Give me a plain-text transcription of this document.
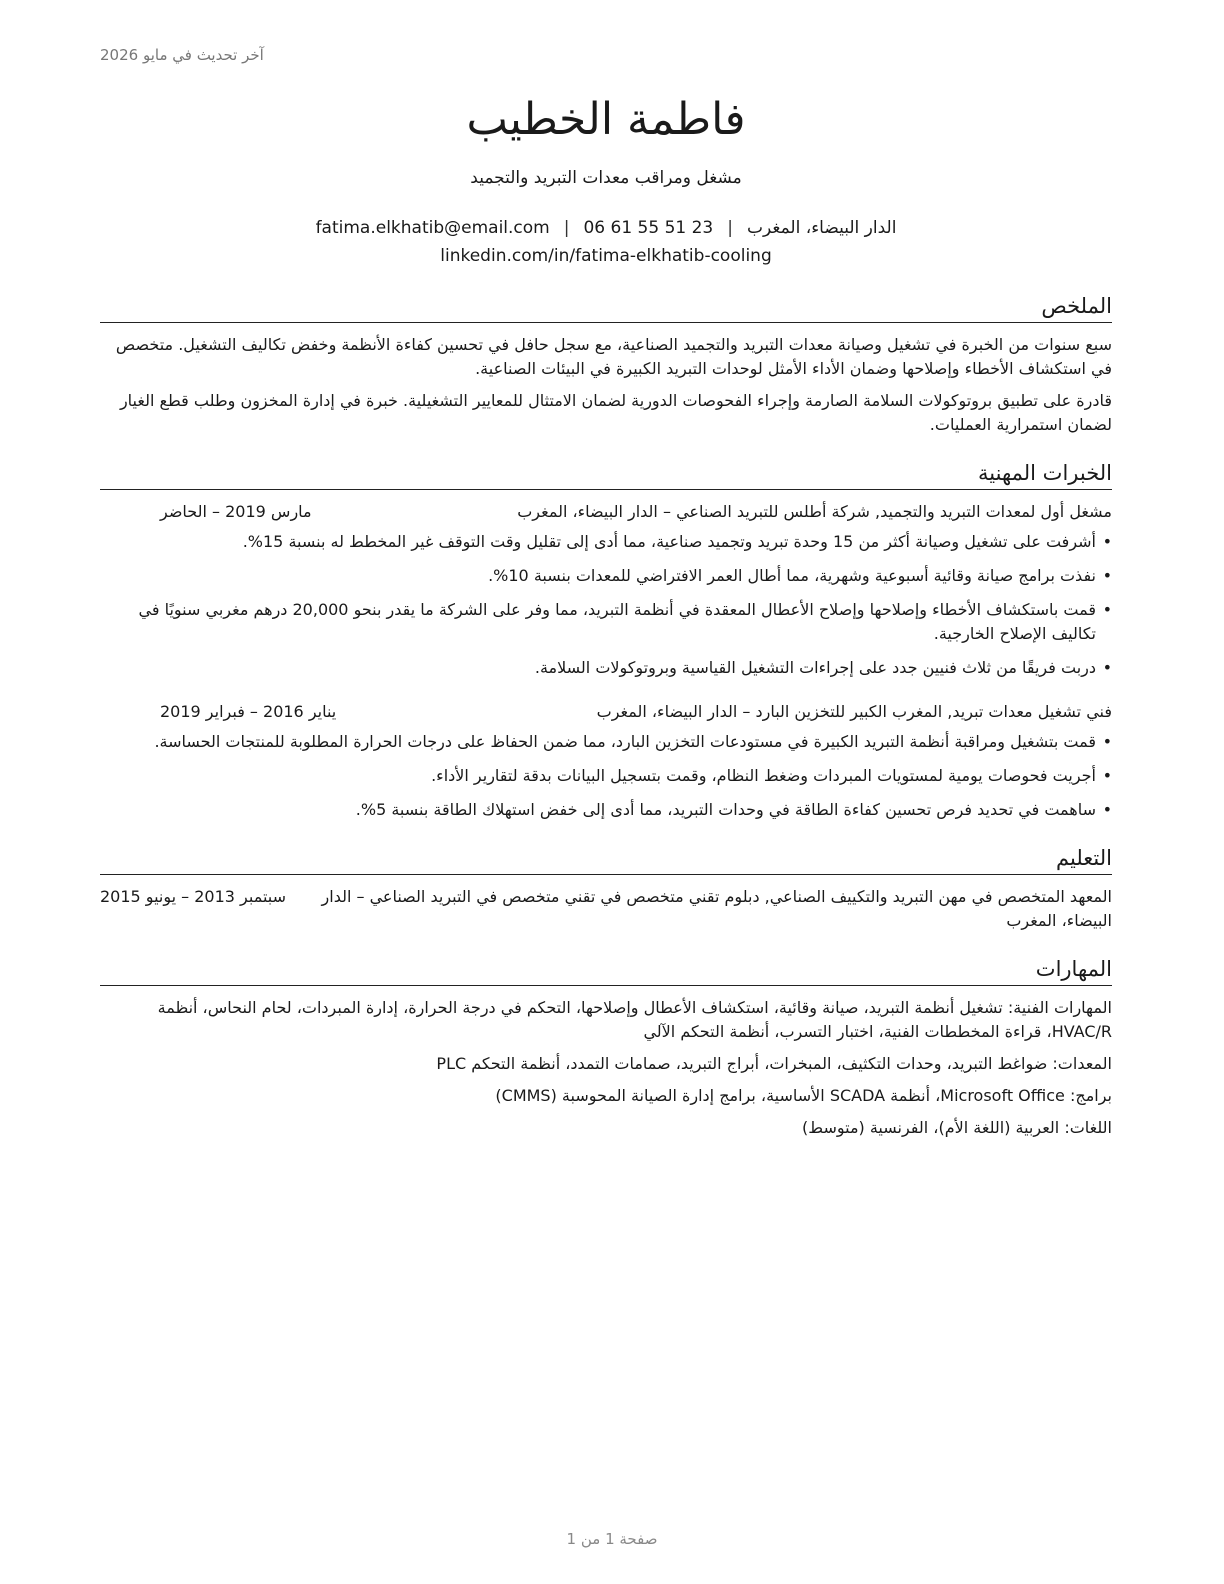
آخر تحديث في مايو 2026
فاطمة الخطيب
مشغل ومراقب معدات التبريد والتجميد
الدار البيضاء، المغرب|fatima.elkhatib@email.com | 06 61 55 51 23
linkedin.com/in/fatima-elkhatib-cooling
الملخص

سبع سنوات من الخبرة في تشغيل وصيانة معدات التبريد والتجميد الصناعية، مع سجل حافل في تحسين كفاءة الأنظمة وخفض تكاليف التشغيل. متخصص في استكشاف الأخطاء وإصلاحها وضمان الأداء الأمثل لوحدات التبريد الكبيرة في البيئات الصناعية.

قادرة على تطبيق بروتوكولات السلامة الصارمة وإجراء الفحوصات الدورية لضمان الامتثال للمعايير التشغيلية. خبرة في إدارة المخزون وطلب قطع الغيار لضمان استمرارية العمليات.

الخبرات المهنية
مشغل أول لمعدات التبريد والتجميد, شركة أطلس للتبريد الصناعي – الدار البيضاء، المغرب
مارس 2019 – الحاضر
• أشرفت على تشغيل وصيانة أكثر من 15 وحدة تبريد وتجميد صناعية، مما أدى إلى تقليل وقت التوقف غير المخطط له بنسبة 15%.
• نفذت برامج صيانة وقائية أسبوعية وشهرية، مما أطال العمر الافتراضي للمعدات بنسبة 10%.
• قمت باستكشاف الأخطاء وإصلاحها وإصلاح الأعطال المعقدة في أنظمة التبريد، مما وفر على الشركة ما يقدر بنحو 20,000 درهم مغربي سنويًا في تكاليف الإصلاح الخارجية.
• دربت فريقًا من ثلاث فنيين جدد على إجراءات التشغيل القياسية وبروتوكولات السلامة.
فني تشغيل معدات تبريد, المغرب الكبير للتخزين البارد – الدار البيضاء، المغرب
يناير 2016 – فبراير 2019
• قمت بتشغيل ومراقبة أنظمة التبريد الكبيرة في مستودعات التخزين البارد، مما ضمن الحفاظ على درجات الحرارة المطلوبة للمنتجات الحساسة.
• أجريت فحوصات يومية لمستويات المبردات وضغط النظام، وقمت بتسجيل البيانات بدقة لتقارير الأداء.
• ساهمت في تحديد فرص تحسين كفاءة الطاقة في وحدات التبريد، مما أدى إلى خفض استهلاك الطاقة بنسبة 5%.
التعليم
المعهد المتخصص في مهن التبريد والتكييف الصناعي, دبلوم تقني متخصص في تقني متخصص في التبريد الصناعي – الدار البيضاء، المغرب
سبتمبر 2013 – يونيو 2015
المهارات
المهارات الفنية: تشغيل أنظمة التبريد، صيانة وقائية، استكشاف الأعطال وإصلاحها، التحكم في درجة الحرارة، إدارة المبردات، لحام النحاس، أنظمة HVAC/R، قراءة المخططات الفنية، اختبار التسرب، أنظمة التحكم الآلي
المعدات: ضواغط التبريد، وحدات التكثيف، المبخرات، أبراج التبريد، صمامات التمدد، أنظمة التحكم PLC
برامج: Microsoft Office، أنظمة SCADA الأساسية، برامج إدارة الصيانة المحوسبة (CMMS)
اللغات: العربية (اللغة الأم)، الفرنسية (متوسط)
صفحة 1 من 1
